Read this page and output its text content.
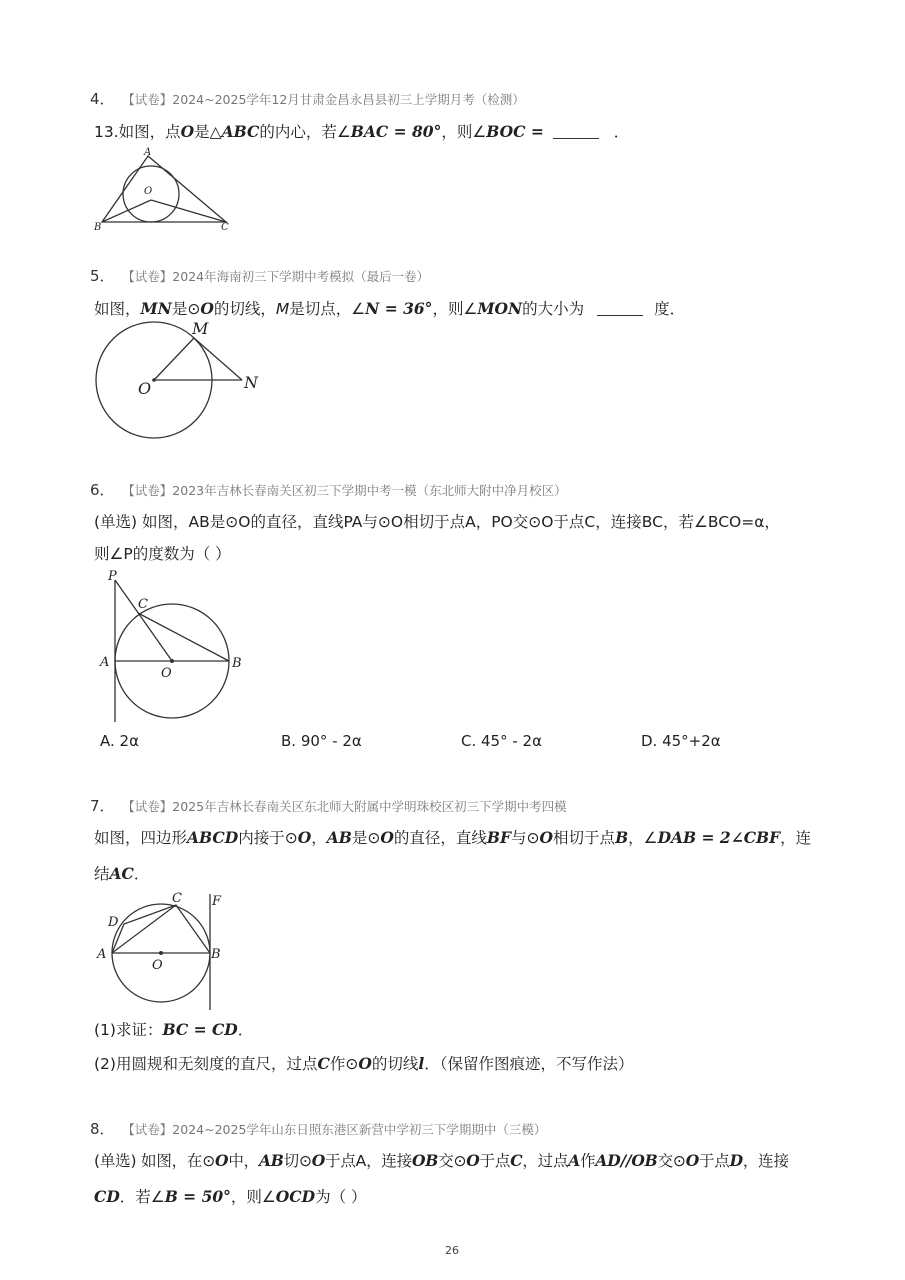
4． 【试卷】2024~2025学年12月甘肃金昌永昌县初三上学期月考（检测）
13.如图，点O是△ABC的内心，若∠BAC = 80°，则∠BOC =	．
A
O
B	C
5． 【试卷】2024年海南初三下学期中考模拟（最后一卷）
如图，MN是⊙O的切线，M是切点，∠N = 36°，则∠MON的大小为	度．
M
O	N
6． 【试卷】2023年吉林长春南关区初三下学期中考一模（东北师大附中净月校区）
(单选) 如图，AB是⊙O的直径，直线PA与⊙O相切于点A，PO交⊙O于点C，连接BC，若∠BCO=α，
则∠P的度数为（ ）
P
C
A
O
B
A. 2α	B. 90° - 2α	C. 45° - 2α	D. 45°+2α
7． 【试卷】2025年吉林长春南关区东北师大附属中学明珠校区初三下学期中考四模
如图，四边形ABCD内接于⊙O，AB是⊙O的直径，直线BF与⊙O相切于点B，∠DAB = 2∠CBF，连
结AC．
C F
D
A
O
B
(1)求证：BC = CD．
(2)用圆规和无刻度的直尺，过点C作⊙O的切线l．（保留作图痕迹，不写作法）
8． 【试卷】2024~2025学年山东日照东港区新营中学初三下学期期中（三模）
(单选) 如图，在⊙O中，AB切⊙O于点A，连接OB交⊙O于点C，过点A作AD//OB交⊙O于点D，连接
CD．若∠B = 50°，则∠OCD为（ ）
26
